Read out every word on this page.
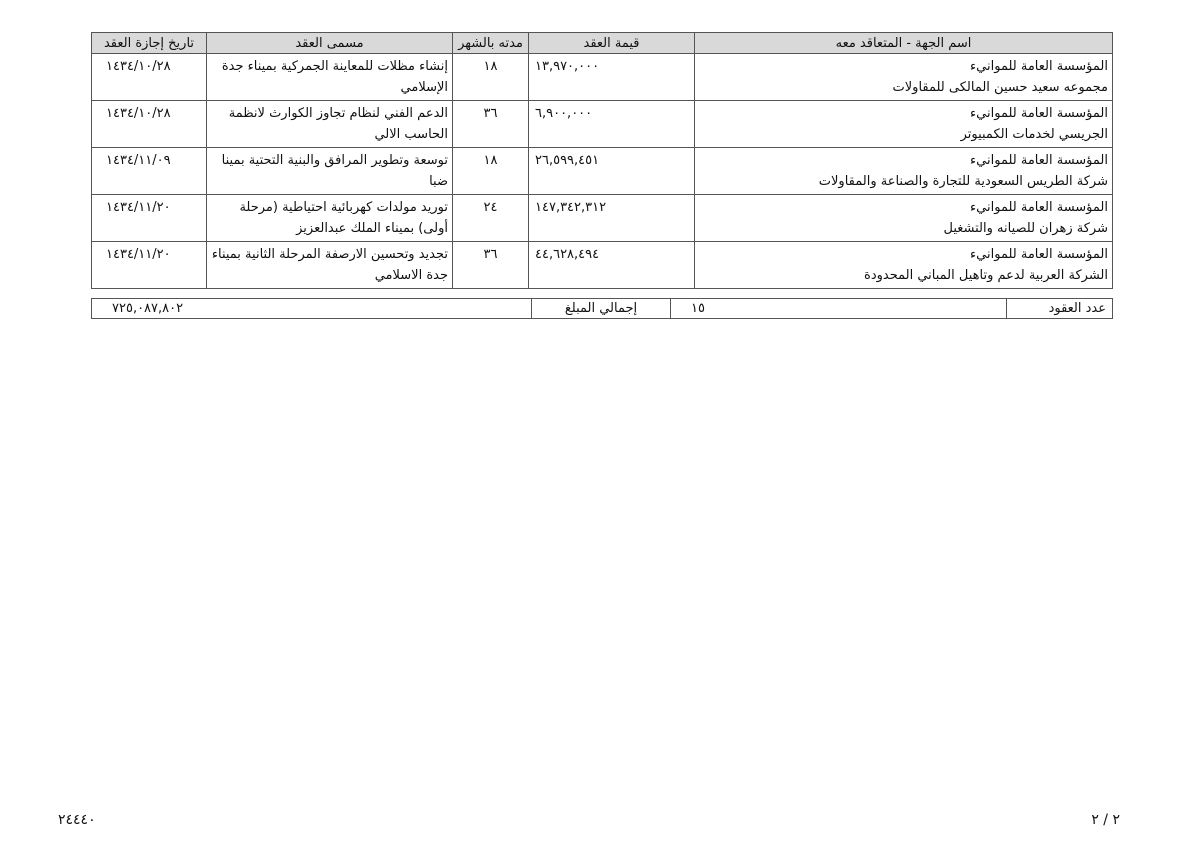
اسم الجهة - المتعاقد معه	قيمة العقد	مدته بالشهر	مسمى العقد	تاريخ إجازة العقد

المؤسسة العامة للموانيء
مجموعه سعيد حسين المالكى للمقاولات	١٣,٩٧٠,٠٠٠	١٨	إنشاء مظلات للمعاينة الجمركية بميناء جدة الإسلامي	١٤٣٤/١٠/٢٨

المؤسسة العامة للموانيء
الجريسي لخدمات الكمبيوتر	٦,٩٠٠,٠٠٠	٣٦	الدعم الفني لنظام تجاوز الكوارث لانظمة الحاسب الالي	١٤٣٤/١٠/٢٨

المؤسسة العامة للموانيء
شركة الطريس السعودية للتجارة والصناعة والمقاولات	٢٦,٥٩٩,٤٥١	١٨	توسعة وتطوير المرافق والبنية التحتية بمينا ضبا	١٤٣٤/١١/٠٩

المؤسسة العامة للموانيء
شركة زهران للصيانه والتشغيل	١٤٧,٣٤٢,٣١٢	٢٤	توريد مولدات كهربائية احتياطية (مرحلة أولى) بميناء الملك عبدالعزيز	١٤٣٤/١١/٢٠

المؤسسة العامة للموانيء
الشركة العربية لدعم وتاهيل المباني المحدودة	٤٤,٦٢٨,٤٩٤	٣٦	تجديد وتحسين الارصفة المرحلة الثانية بميناء جدة الاسلامي	١٤٣٤/١١/٢٠
عدد العقود	١٥	إجمالي المبلغ	٧٢٥,٠٨٧,٨٠٢
٢٤٤٤٠	٢ / ٢
